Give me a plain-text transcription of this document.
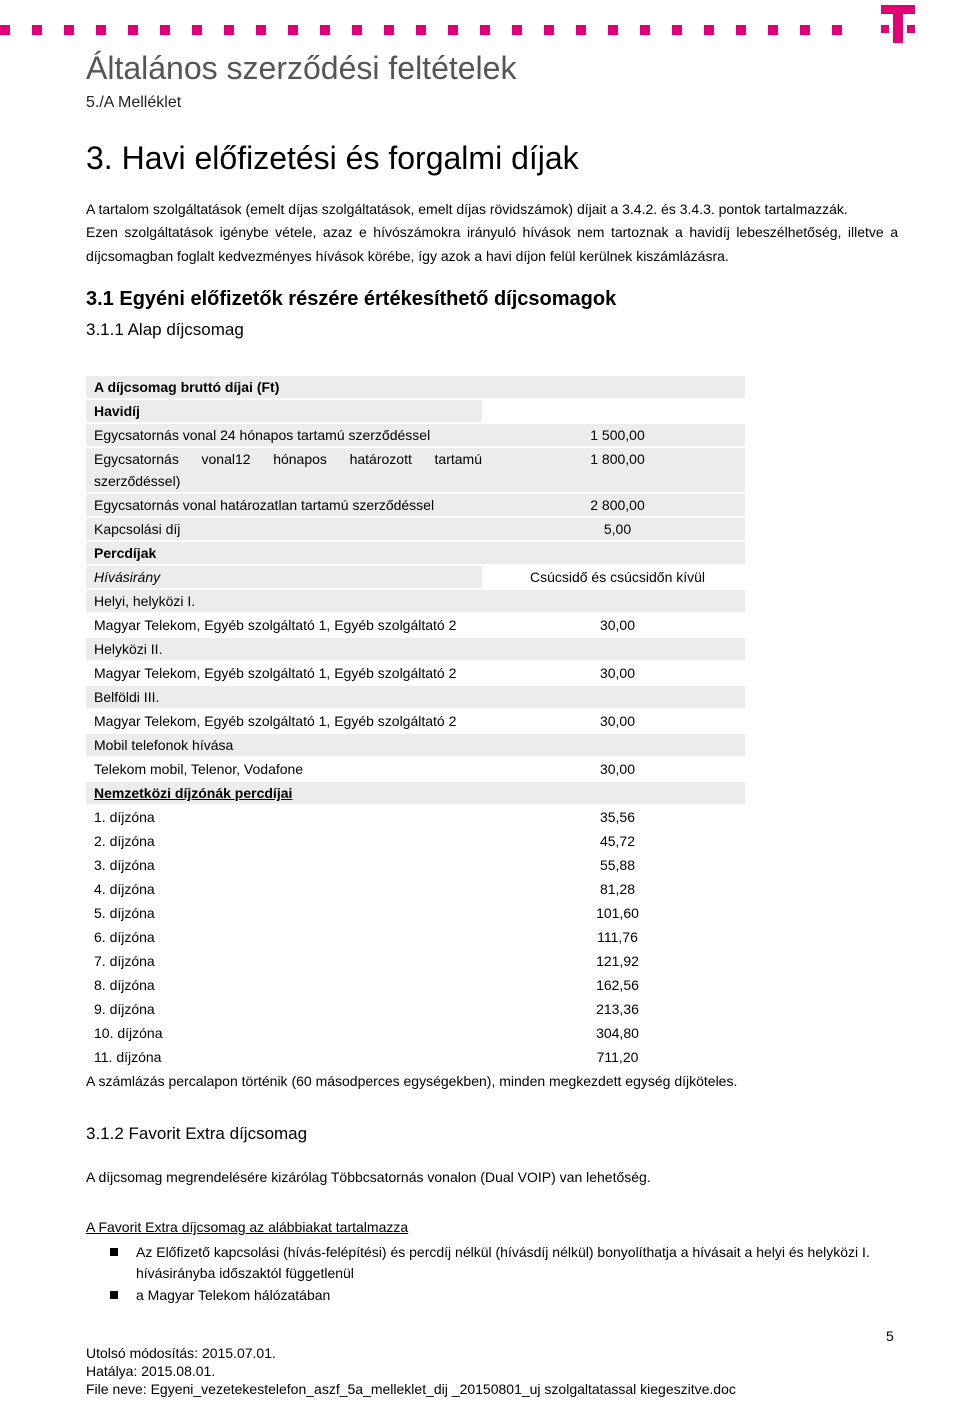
Általános szerződési feltételek

5./A Melléklet

3. Havi előfizetési és forgalmi díjak

A tartalom szolgáltatások (emelt díjas szolgáltatások, emelt díjas rövidszámok) díjait a 3.4.2. és 3.4.3. pontok tartalmazzák.

Ezen szolgáltatások igénybe vétele, azaz e hívószámokra irányuló hívások nem tartoznak a havidíj lebeszélhetőség, illetve a díjcsomagban foglalt kedvezményes hívások körébe, így azok a havi díjon felül kerülnek kiszámlázásra.

3.1 Egyéni előfizetők részére értékesíthető díjcsomagok
3.1.1 Alap díjcsomag
A díjcsomag bruttó díjai (Ft)	
Havidíj	
Egycsatornás vonal 24 hónapos tartamú szerződéssel	1 500,00
Egycsatornás vonal12 hónapos határozott tartamú szerződéssel)	1 800,00
Egycsatornás vonal határozatlan tartamú szerződéssel	2 800,00
Kapcsolási díj	5,00
Percdíjak	
Hívásirány	Csúcsidő és csúcsidőn kívül
Helyi, helyközi I.	
Magyar Telekom, Egyéb szolgáltató 1, Egyéb szolgáltató 2	30,00
Helyközi II.	
Magyar Telekom, Egyéb szolgáltató 1, Egyéb szolgáltató 2	30,00
Belföldi III.	
Magyar Telekom, Egyéb szolgáltató 1, Egyéb szolgáltató 2	30,00
Mobil telefonok hívása	
Telekom mobil, Telenor, Vodafone	30,00
Nemzetközi díjzónák percdíjai	
1. díjzóna	35,56
2. díjzóna	45,72
3. díjzóna	55,88
4. díjzóna	81,28
5. díjzóna	101,60
6. díjzóna	111,76
7. díjzóna	121,92
8. díjzóna	162,56
9. díjzóna	213,36
10. díjzóna	304,80
11. díjzóna	711,20

A számlázás percalapon történik (60 másodperces egységekben), minden megkezdett egység díjköteles.

3.1.2 Favorit Extra díjcsomag

A díjcsomag megrendelésére kizárólag Többcsatornás vonalon (Dual VOIP) van lehetőség.

A Favorit Extra díjcsomag az alábbiakat tartalmazza

Az Előfizető kapcsolási (hívás-felépítési) és percdíj nélkül (hívásdíj nélkül) bonyolíthatja a hívásait a helyi és helyközi I. hívásirányba időszaktól függetlenül
a Magyar Telekom hálózatában
5

Utolsó módosítás: 2015.07.01.

Hatálya: 2015.08.01.

File neve: Egyeni_vezetekestelefon_aszf_5a_melleklet_dij _20150801_uj szolgaltatassal kiegeszitve.doc
